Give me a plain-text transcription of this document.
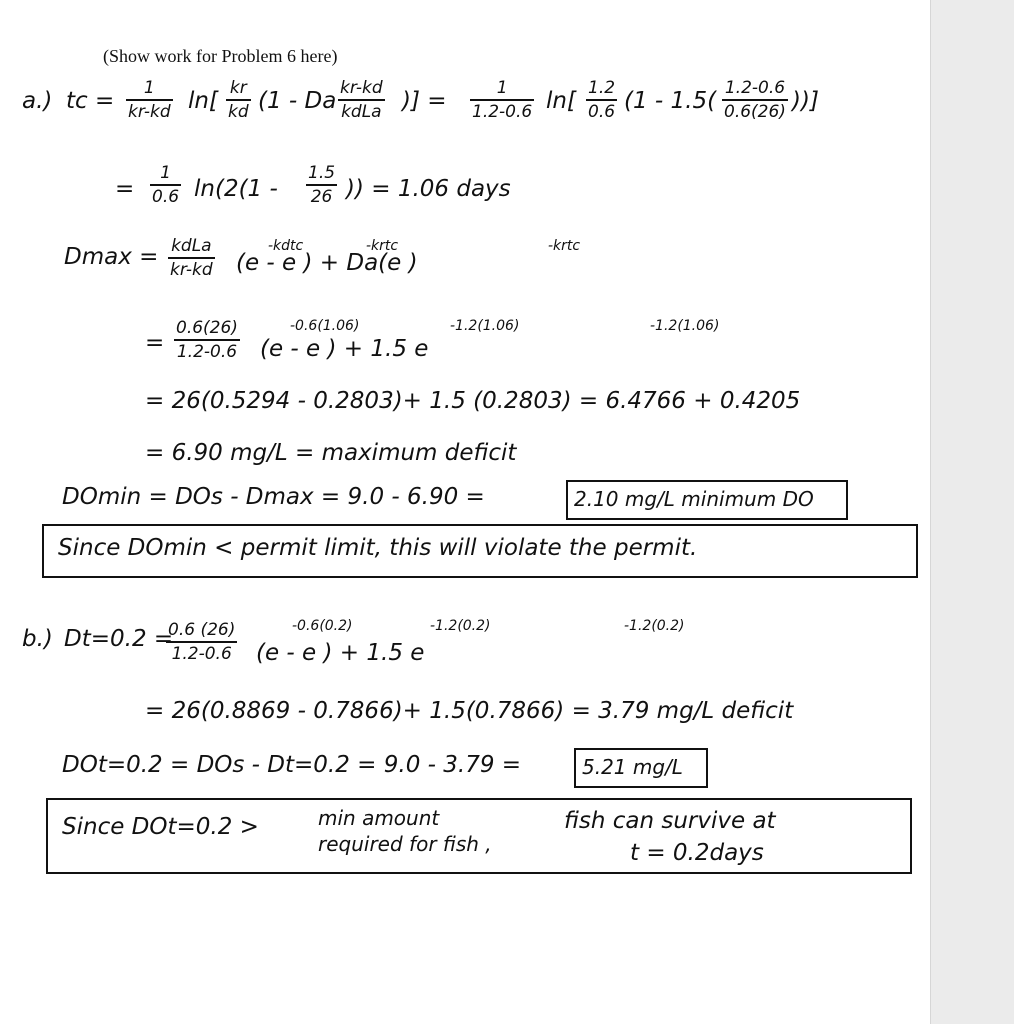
(Show work for Problem 6 here)
a.) tc = $\frac{1}{kr-kd} \ln[ \frac{kr}{kd} (1$ - Da kr-kd
kdLa )] = $\frac{1}{1.2-0.6} \ln[ \frac{1.2}{0.6} (1 - 1.5( \frac{1.2-0.6}{0.6(26)}$ ))]
= $\frac{1}{0.6} \ln(2(1 - \frac{1.5}{26}$ )) = 1.06 days
Dmax = kdLa
kr-kd (e - e ) + Da(e )
-kdtc	-krtc	-krtc
= $\frac{0.6(26)}{1.2-0.6} (e$ - e ) + 1.5 e
-0.6(1.06)	-1.2(1.06)	-1.2(1.06)
= 26(0.5294 - 0.2803)+ 1.5 (0.2803) = 6.4766 + 0.4205
= 6.90 mg/L = maximum deficit
DOmin = DOs - Dmax = 9.0 - 6.90 =	2.10 mg/L minimum DO
Since DOmin < permit limit, this will violate the permit.
b.) Dt=0.2 =
$\frac{0.6 (26)}{1.2-0.6} (e$ - e ) + 1.5 e
-0.6(0.2)	-1.2(0.2)	-1.2(0.2)
= 26(0.8869 - 0.7866)+ 1.5(0.7866) = 3.79 mg/L deficit
DOt=0.2 = DOs - Dt=0.2 = 9.0 - 3.79 =	5.21 mg/L
Since DOt=0.2 >	min amount
required for fish ,
fish can survive at
t = 0.2days
